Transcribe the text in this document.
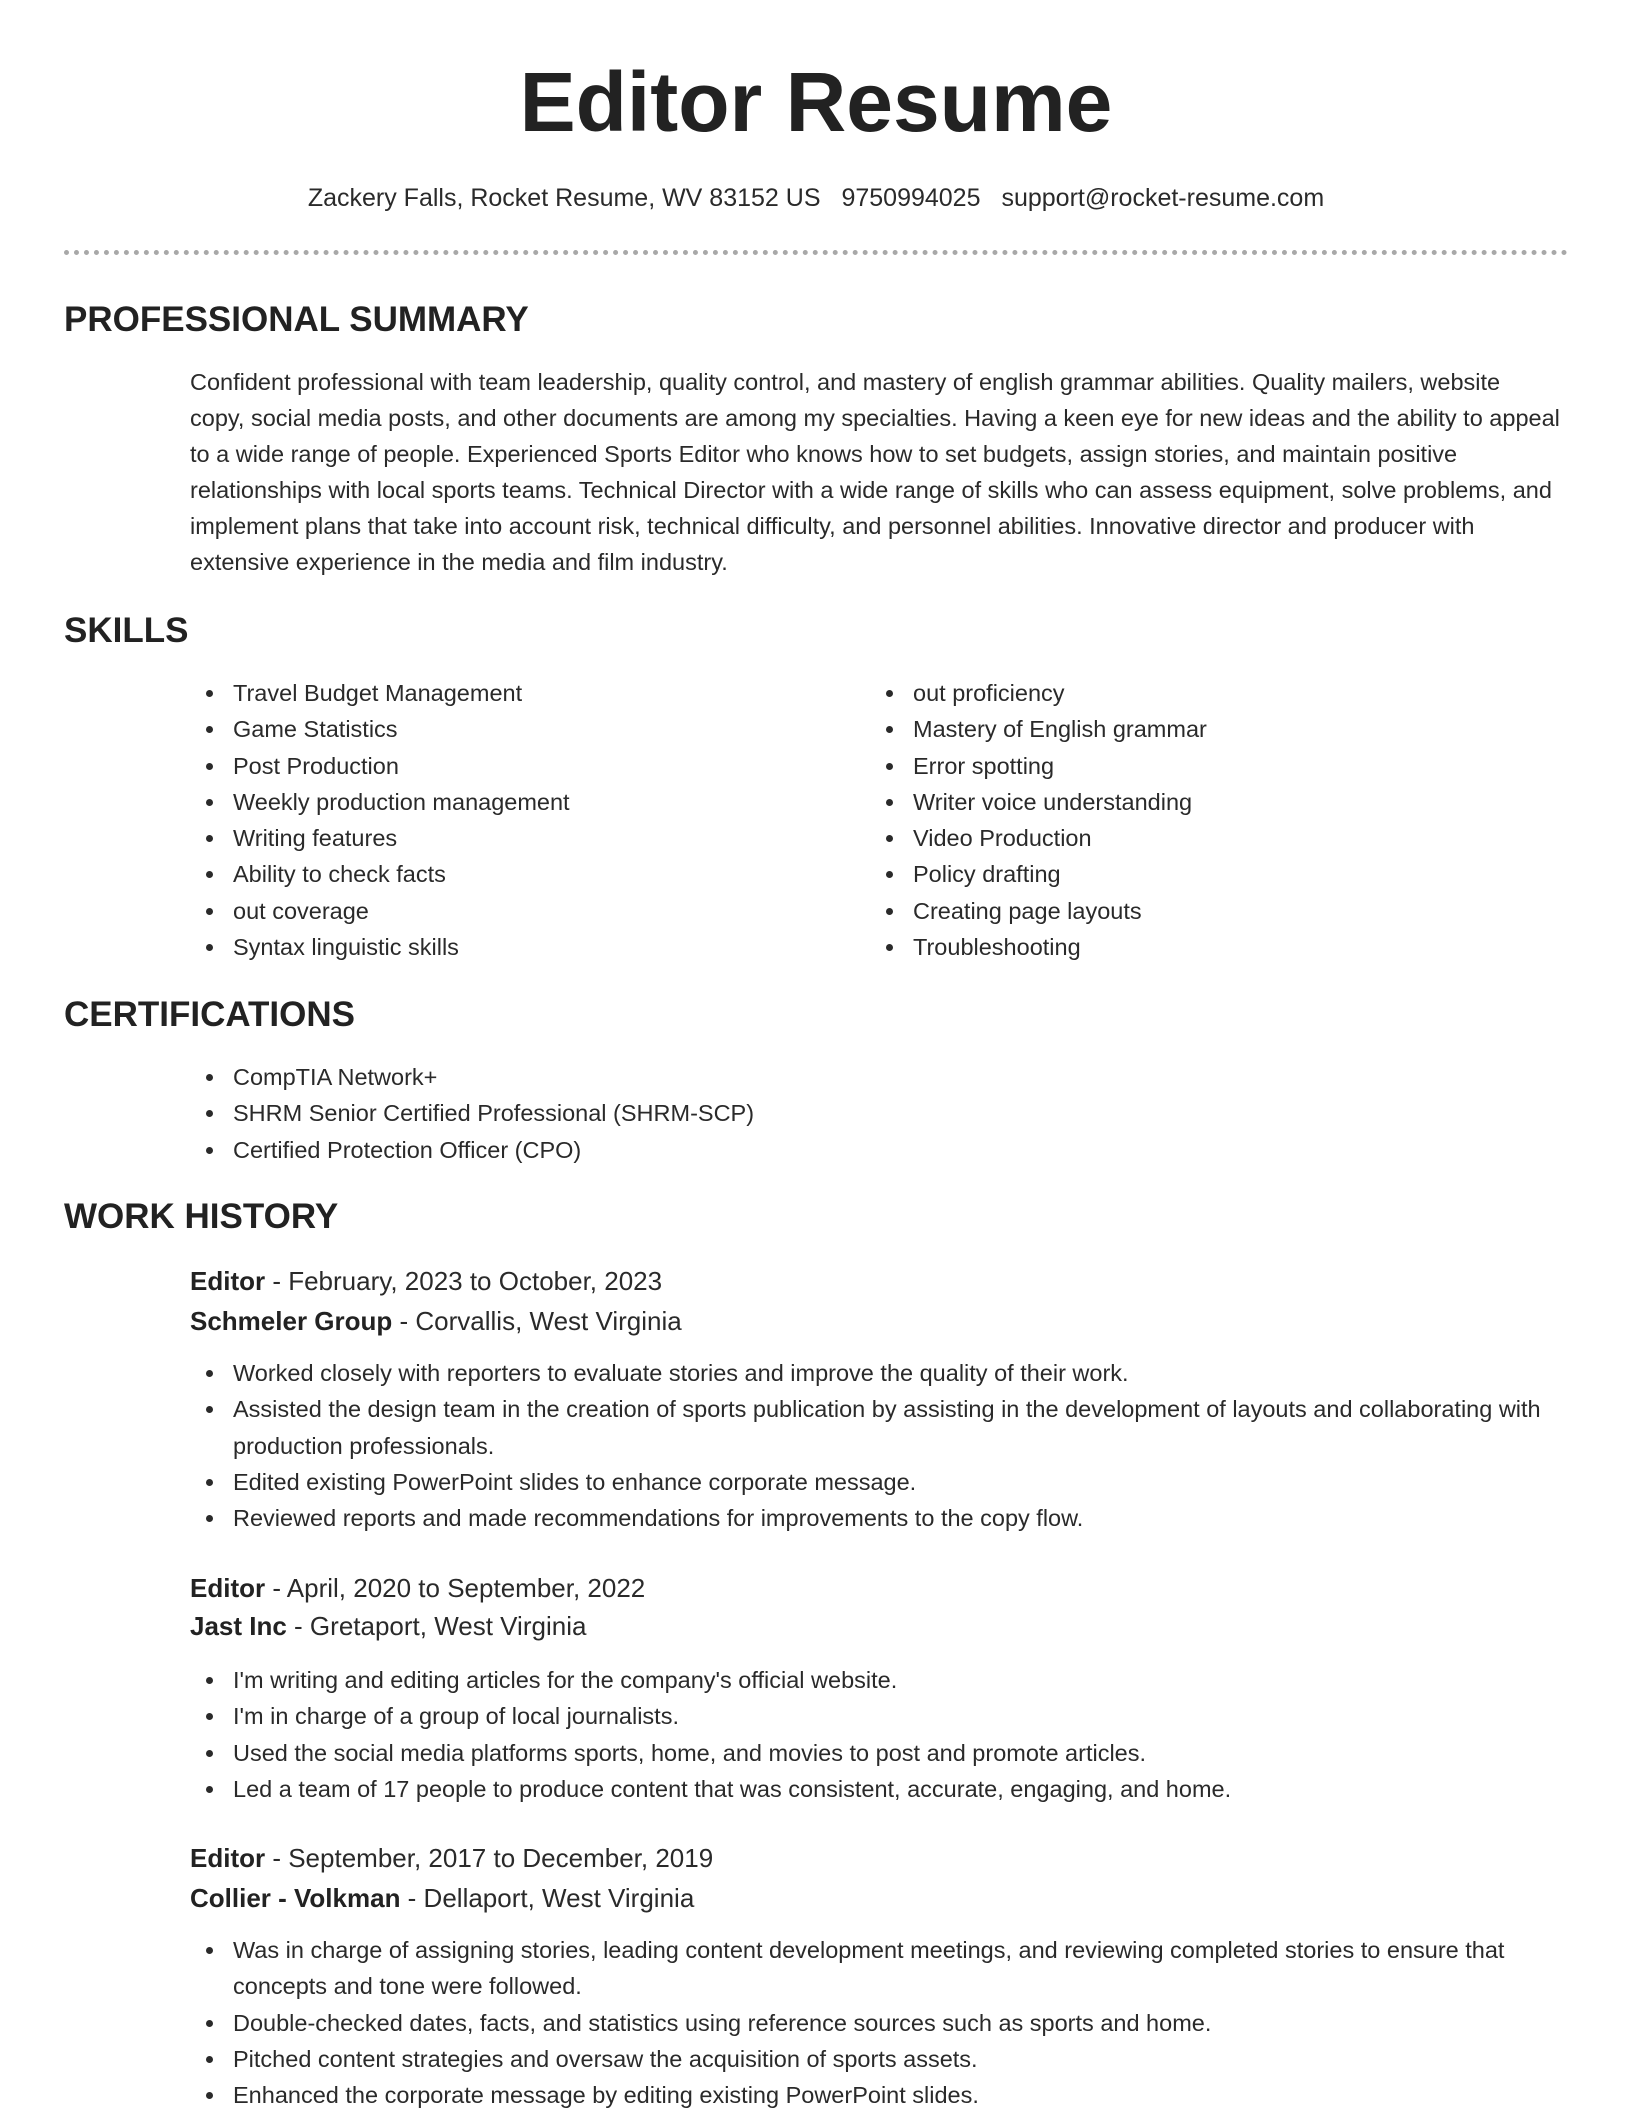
Editor Resume
Zackery Falls, Rocket Resume, WV 83152 US 9750994025 support@rocket-resume.com
PROFESSIONAL SUMMARY

Confident professional with team leadership, quality control, and mastery of english grammar abilities. Quality mailers, website copy, social media posts, and other documents are among my specialties. Having a keen eye for new ideas and the ability to appeal to a wide range of people. Experienced Sports Editor who knows how to set budgets, assign stories, and maintain positive relationships with local sports teams. Technical Director with a wide range of skills who can assess equipment, solve problems, and implement plans that take into account risk, technical difficulty, and personnel abilities. Innovative director and producer with extensive experience in the media and film industry.

SKILLS
Travel Budget Management
Game Statistics
Post Production
Weekly production management
Writing features
Ability to check facts
out coverage
Syntax linguistic skills
out proficiency
Mastery of English grammar
Error spotting
Writer voice understanding
Video Production
Policy drafting
Creating page layouts
Troubleshooting
CERTIFICATIONS
CompTIA Network+
SHRM Senior Certified Professional (SHRM-SCP)
Certified Protection Officer (CPO)
WORK HISTORY
Editor - February, 2023 to October, 2023
Schmeler Group - Corvallis, West Virginia
Worked closely with reporters to evaluate stories and improve the quality of their work.
Assisted the design team in the creation of sports publication by assisting in the development of layouts and collaborating with production professionals.
Edited existing PowerPoint slides to enhance corporate message.
Reviewed reports and made recommendations for improvements to the copy flow.
Editor - April, 2020 to September, 2022
Jast Inc - Gretaport, West Virginia
I'm writing and editing articles for the company's official website.
I'm in charge of a group of local journalists.
Used the social media platforms sports, home, and movies to post and promote articles.
Led a team of 17 people to produce content that was consistent, accurate, engaging, and home.
Editor - September, 2017 to December, 2019
Collier - Volkman - Dellaport, West Virginia
Was in charge of assigning stories, leading content development meetings, and reviewing completed stories to ensure that concepts and tone were followed.
Double-checked dates, facts, and statistics using reference sources such as sports and home.
Pitched content strategies and oversaw the acquisition of sports assets.
Enhanced the corporate message by editing existing PowerPoint slides.
